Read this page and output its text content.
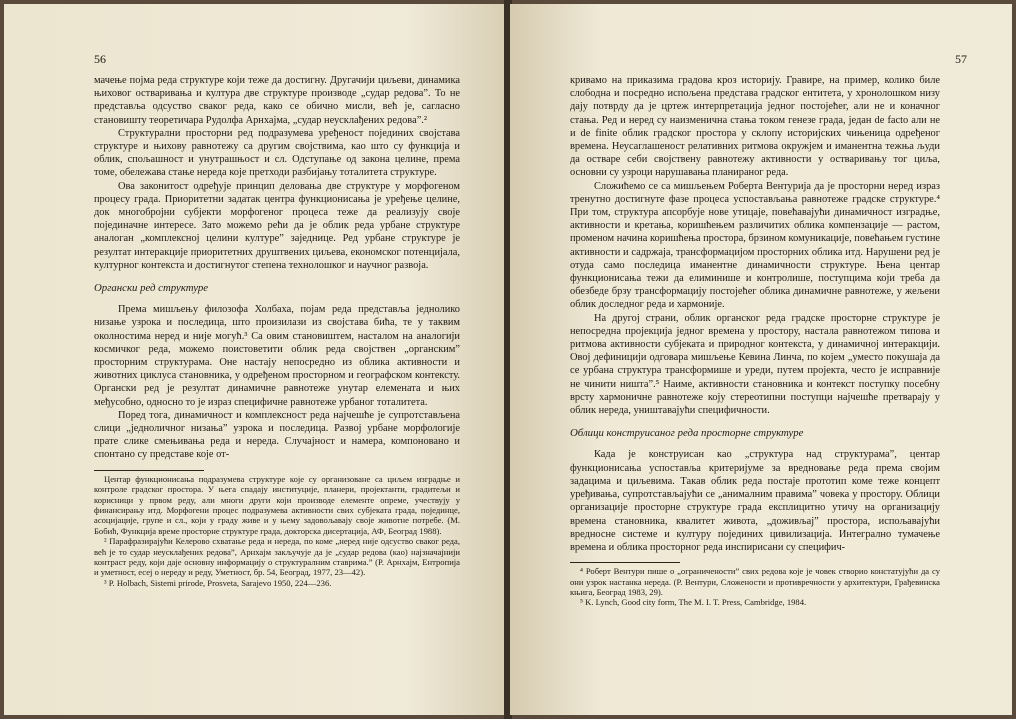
56

мачење појма реда структуре који теже да достигну. Другачији циљеви, динамика њиховог остваривања и култура две структуре производе „судар редова”. То не представља одсуство сваког реда, како се обично мисли, већ је, сагласно становишту теоретичара Рудолфа Арнхајма, „судар неусклађених редова”.²

Структурални просторни ред подразумева уређеност појединих својстава структуре и њихову равнотежу са другим својствима, као што су функција и облик, спољашност и унутрашњост и сл. Одступање од закона целине, према томе, обележава стање нереда које претходи разбијању тоталитета структуре.

Ова законитост одређује принцип деловања две структуре у морфогеном процесу града. Приоритетни задатак центра функционисања је уређење целине, док многобројни субјекти морфогеног процеса теже да реализују своје појединачне интересе. Зато можемо рећи да је облик реда урбане структуре аналоган „комплексној целини културе” заједнице. Ред урбане структуре је резултат интеракције приоритетних друштвених циљева, економског потенцијала, културног контекста и достигнутог степена технолошког и научног развоја.

Органски ред структуре

Према мишљењу филозофа Холбаха, појам реда представља једнолико низање узрока и последица, што произилази из својстава бића, те у таквим околностима неред и није могућ.³ Са овим становиштем, насталом на аналогији космичког реда, можемо поистоветити облик реда својствен „органским” просторним структурама. Оне настају непосредно из облика активности и животних циклуса становника, у одређеном просторном и географском контексту. Органски ред је резултат динамичне равнотеже унутар елемената и њих међусобно, односно то је израз специфичне равнотеже урбаног тоталитета.

Поред тога, динамичност и комплексност реда најчешће је супротстављена слици „једноличног низања” узрока и последица. Развој урбане морфологије прате слике смењивања реда и нереда. Случајност и намера, компоновано и спонтано су представе које от-

Центар функционисања подразумева структуре које су организоване са циљем изградње и контроле градског простора. У њега спадају институције, планери, пројектанти, градитељи и корисници у првом реду, али многи други који производе елементе опреме, учествују у финансирању итд. Морфогени процес подразумева активности свих субјеката града, појединце, асоцијације, групе и сл., који у граду живе и у њему задовољавају своје животне потребе. (М. Бобић, Функција време просторне структуре града, докторска дисертација, АФ, Београд 1988).

² Парафразирајући Келерово схватање реда и нереда, по коме „неред није одсуство сваког реда, већ је то судар неусклађених редова”, Арнхајм закључује да је „судар редова (као) најзначајнији контраст реду, који даје основну информацију о структуралним ставрима.” (Р. Арнхајм, Ентропија и уметност, есеј о нереду и реду, Уметност, бр. 54, Београд, 1977, 23—42).

³ P. Holbach, Sistemi prirode, Prosveta, Sarajevo 1950, 224—236.

57

кривамо на приказима градова кроз историју. Гравире, на пример, колико биле слободна и посредно испољена представа градског ентитета, у хронолошком низу дају потврду да је цртеж интерпретација једног постојећег, али не и коначног стања. Ред и неред су наизменична стања током генезе града, један de facto али не и de finite облик градског простора у склопу историјских чињеница одређеног времена. Неусаглашеност релативних ритмова окружјем и иманентна тежња људи да остваре себи својствену равнотежу активности у остваривању тог циља, основни су узроци нарушавања планираног реда.

Сложићемо се са мишљењем Роберта Вентурија да је просторни неред израз тренутно достигнуте фазе процеса успостављања равнотеже градске структуре.⁴ При том, структура апсорбује нове утицаје, повећавајући динамичност изградње, активности и кретања, коришћењем различитих облика компензације — растом, променом начина коришћења простора, брзином комуникације, повећањем густине активности и садржаја, трансформацијом просторних облика итд. Нарушени ред је отуда само последица иманентне динамичности структуре. Њена центар функционисања тежи да елиминише и контролише, поступцима који треба да обезбеде брзу трансформацију постојећег облика динамичне равнотеже, у жељени облик доследног реда и хармоније.

На другој страни, облик органског реда градске просторне структуре је непосредна пројекција једног времена у простору, настала равнотежом типова и ритмова активности субјеката и природног контекста, у динамичној интеракцији. Овој дефиницији одговара мишљење Кевина Линча, по којем „уместо покушаја да се урбана структура трансформише и уреди, путем пројекта, често је исправније не чинити ништа”.⁵ Наиме, активности становника и контекст поступку посебну врсту хармоничне равнотеже коју стереотипни поступци најчешће претварају у облик нереда, уништавајући специфичности.

Облици конструисаног реда просторне структуре

Када је конструисан као „структура над структурама”, центар функционисања успоставља критеријуме за вредновање реда према својим задацима и циљевима. Такав облик реда постаје прототип коме теже концепт уређивања, супротстављајући се „анималним правима” човека у простору. Облици организације просторне структуре града експлицитно утичу на организацију времена становника, квалитет живота, „доживљај” простора, испољавајући вредносне системе и културу појединих цивилизација. Интегрално тумачење времена и облика просторног реда инспирисани су специфич-

⁴ Роберт Вентури пише о „ограничености” свих редова које је човек створио констатујући да су они узрок настанка нереда. (Р. Вентури, Сложености и противречности у архитектури, Грађевинска књига, Београд 1983, 29).

⁵ K. Lynch, Good city form, The M. I. T. Press, Cambridge, 1984.
